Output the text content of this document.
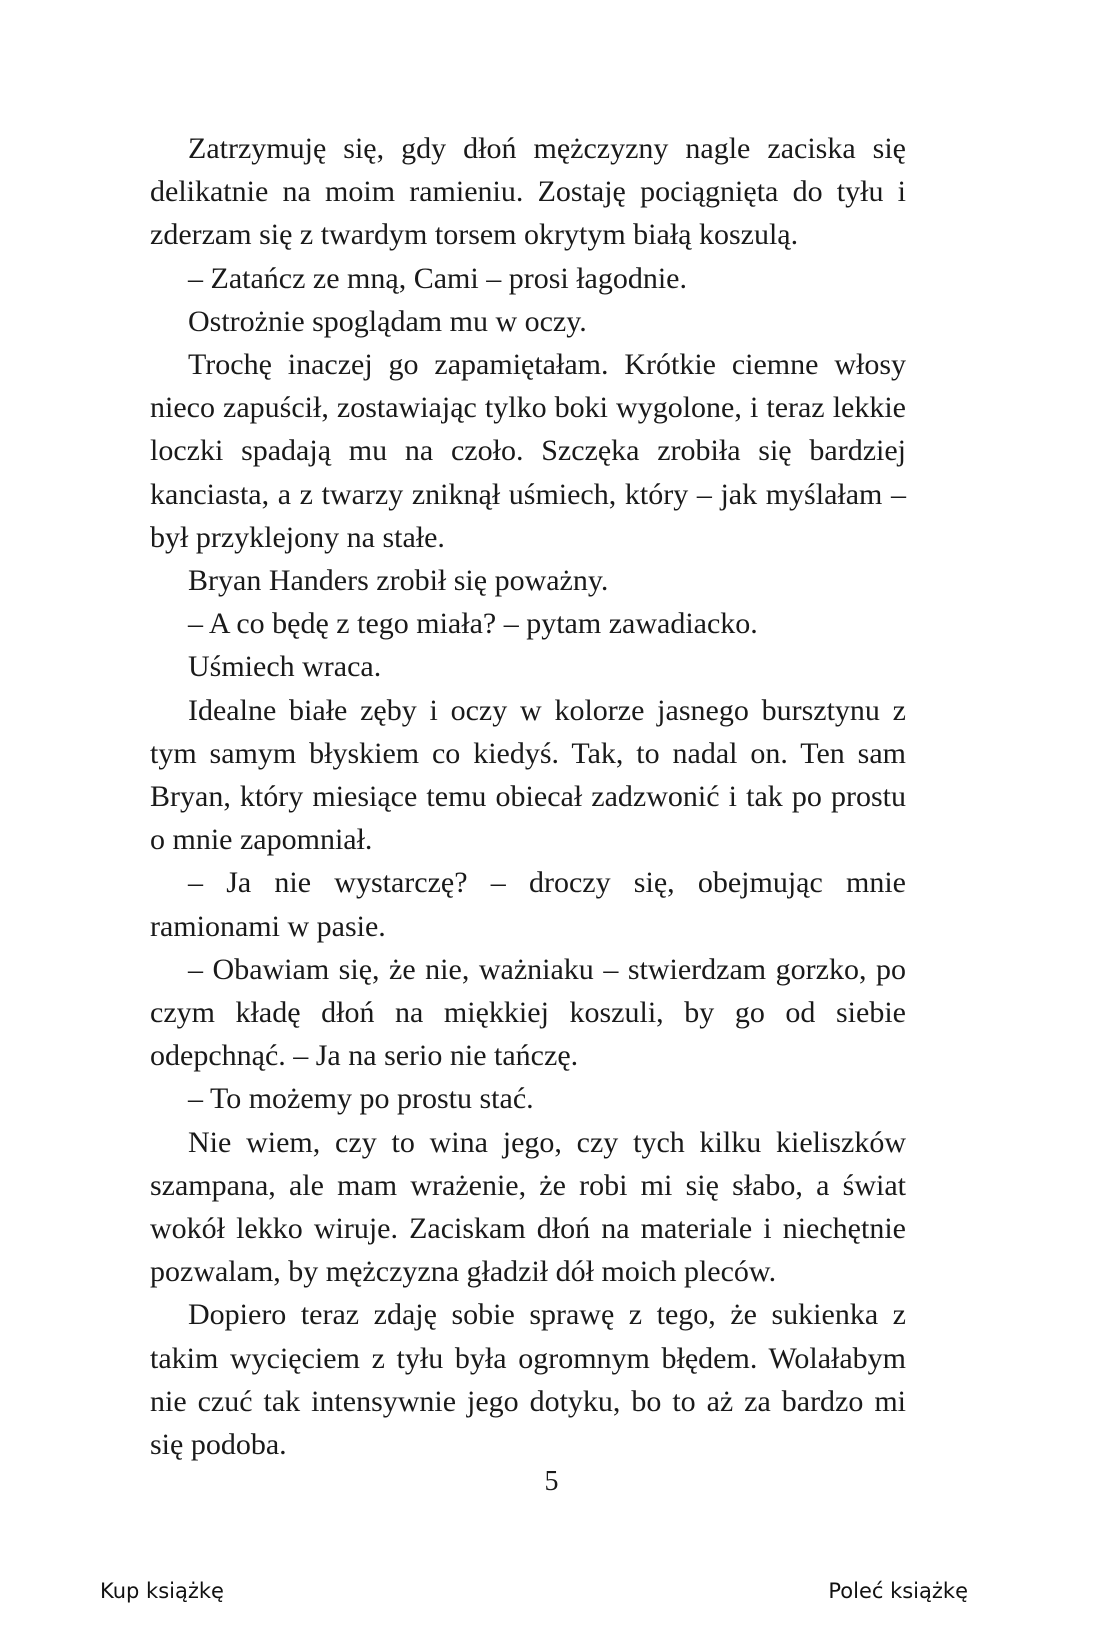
Zatrzymuję się, gdy dłoń mężczyzny nagle zaciska się delikatnie na moim ramieniu. Zostaję pociągnięta do tyłu i zderzam się z twardym torsem okrytym białą koszulą.

– Zatańcz ze mną, Cami – prosi łagodnie.

Ostrożnie spoglądam mu w oczy.

Trochę inaczej go zapamiętałam. Krótkie ciemne włosy nieco zapuścił, zostawiając tylko boki wygolone, i teraz lekkie loczki spadają mu na czoło. Szczęka zrobiła się bardziej kanciasta, a z twarzy zniknął uśmiech, który – jak myślałam – był przyklejony na stałe.

Bryan Handers zrobił się poważny.

– A co będę z tego miała? – pytam zawadiacko.

Uśmiech wraca.

Idealne białe zęby i oczy w kolorze jasnego bursztynu z tym samym błyskiem co kiedyś. Tak, to nadal on. Ten sam Bryan, który miesiące temu obiecał zadzwonić i tak po prostu o mnie zapomniał.

– Ja nie wystarczę? – droczy się, obejmując mnie ramionami w pasie.

– Obawiam się, że nie, ważniaku – stwierdzam gorzko, po czym kładę dłoń na miękkiej koszuli, by go od siebie odepchnąć. – Ja na serio nie tańczę.

– To możemy po prostu stać.

Nie wiem, czy to wina jego, czy tych kilku kieliszków szampana, ale mam wrażenie, że robi mi się słabo, a świat wokół lekko wiruje. Zaciskam dłoń na materiale i niechętnie pozwalam, by mężczyzna gładził dół moich pleców.

Dopiero teraz zdaję sobie sprawę z tego, że sukienka z takim wycięciem z tyłu była ogromnym błędem. Wolałabym nie czuć tak intensywnie jego dotyku, bo to aż za bardzo mi się podoba.

5
Kup książkę	Poleć książkę
